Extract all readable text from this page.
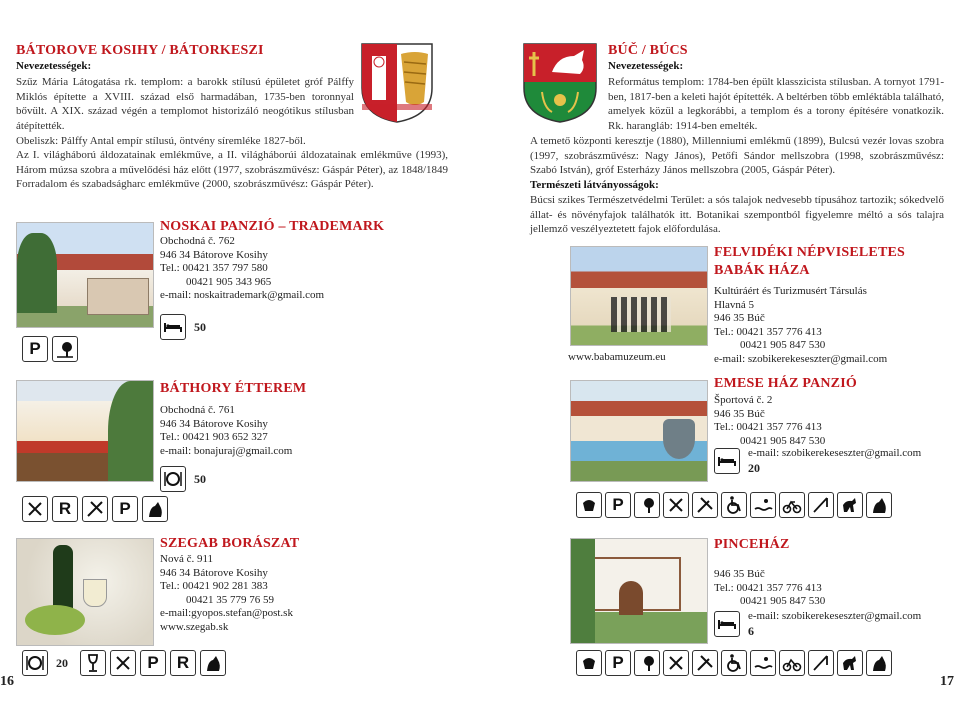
BÁTOROVE KOSIHY / BÁTORKESZI
Nevezetességek:
Szűz Mária Látogatása rk. templom: a barokk stílusú épületet gróf Pálffy Miklós építette a XVIII. század első harmadában, 1735-ben toronnyal bővült. A XIX. század végén a templomot historizáló neogótikus stílusban átépítették.
Obeliszk: Pálffy Antal empír stílusú, öntvény síremléke 1827-ből.
Az I. világháború áldozatainak emlékműve, a II. világháborúi áldozatainak emlékműve (1993), Három múzsa szobra a művelődési ház előtt (1977, szobrászművész: Gáspár Péter), az 1848/1849 Forradalom és szabadságharc emlékműve (2000, szobrászművész: Gáspár Péter).
NOSKAI PANZIÓ – TRADEMARK
Obchodná č. 762
946 34 Bátorove Kosihy
Tel.: 00421 357 797 580
00421 905 343 965
e-mail: noskaitrademark@gmail.com
50
P
BÁTHORY ÉTTEREM
Obchodná č. 761
946 34 Bátorove Kosihy
Tel.: 00421 903 652 327
e-mail: bonajuraj@gmail.com
50
R	P
SZEGAB BORÁSZAT
Nová č. 911
946 34 Bátorove Kosihy
Tel.: 00421 902 281 383
00421 35 779 76 59
e-mail:gyopos.stefan@post.sk
www.szegab.sk
20	P	R
16
BÚČ / BÚCS
Nevezetességek:
Református templom: 1784-ben épült klasszicista stílusban. A tornyot 1791-ben, 1817-ben a keleti hajót építették. A beltérben több emléktábla található, amelyek közül a legkorábbi, a templom és a torony építésére vonatkozik. Rk. harangláb: 1914-ben emelték.
A temető központi keresztje (1880), Millenniumi emlékmű (1899), Bulcsú vezér lovas szobra (1997, szobrászművész: Nagy János), Petőfi Sándor mellszobra (1998, szobrászművész: Szabó István), gróf Esterházy János mellszobra (2005, Gáspár Péter).
Természeti látványosságok:
Búcsi szikes Természetvédelmi Terület: a sós talajok nedvesebb típusához tartozik; sókedvelő állat- és növényfajok találhatók itt. Botanikai szempontból figyelemre méltó a sós talajra jellemző veszélyeztetett fajok előfordulása.
www.babamuzeum.eu
FELVIDÉKI NÉPVISELETES
BABÁK HÁZA
Kultúráért és Turizmusért Társulás
Hlavná 5
946 35 Búč
Tel.: 00421 357 776 413
00421 905 847 530
e-mail: szobikerekeseszter@gmail.com
EMESE HÁZ PANZIÓ
Športová č. 2
946 35 Búč
Tel.: 00421 357 776 413
00421 905 847 530
e-mail: szobikerekeseszter@gmail.com
20
P
PINCEHÁZ
946 35 Búč
Tel.: 00421 357 776 413
00421 905 847 530
e-mail: szobikerekeseszter@gmail.com
6
P
17
